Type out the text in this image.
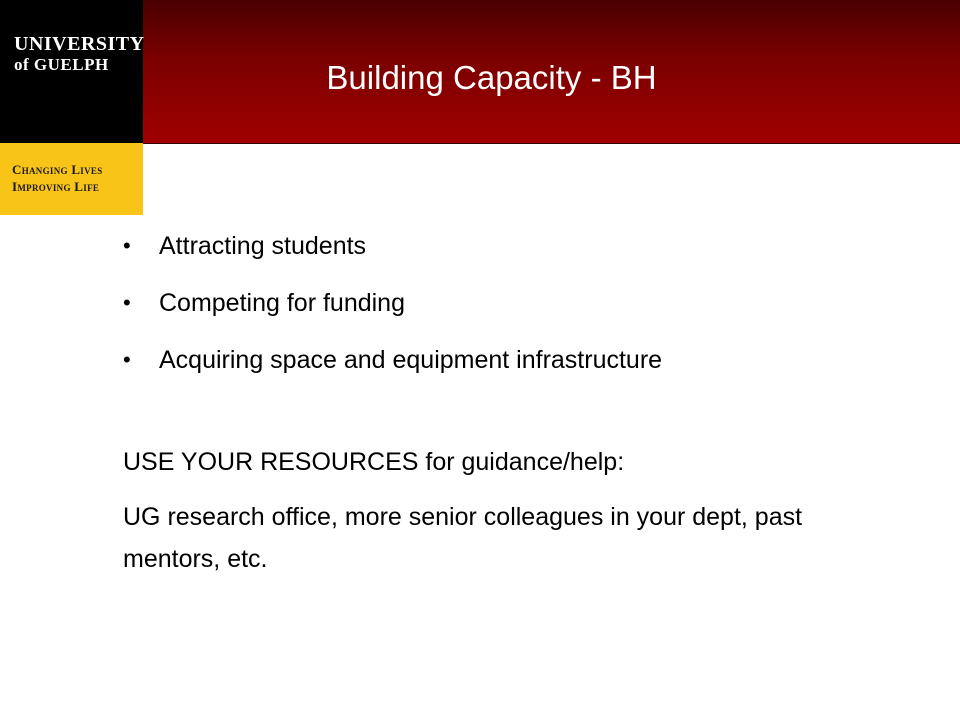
UNIVERSITY
of GUELPH
Changing Lives
Improving Life
Building Capacity - BH
• Attracting students
• Competing for funding
• Acquiring space and equipment infrastructure

USE YOUR RESOURCES for guidance/help:

UG research office, more senior colleagues in your dept, past mentors, etc.
